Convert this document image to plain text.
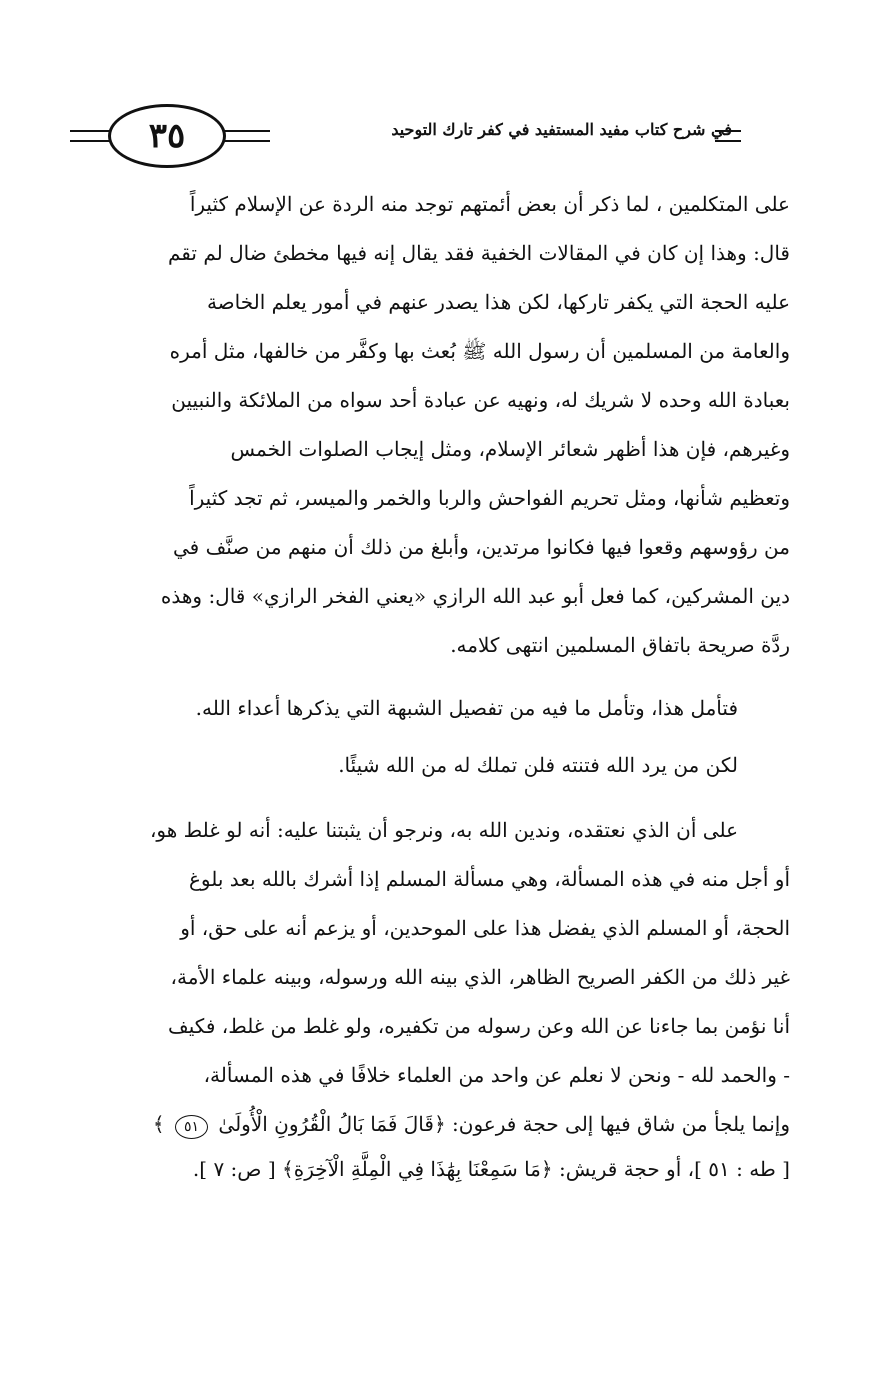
٣٥	في شرح كتاب مفيد المستفيد في كفر تارك التوحيد

على المتكلمين ، لما ذكر أن بعض أئمتهم توجد منه الردة عن الإسلام كثيراً
قال: وهذا إن كان في المقالات الخفية فقد يقال إنه فيها مخطئ ضال لم تقم
عليه الحجة التي يكفر تاركها، لكن هذا يصدر عنهم في أمور يعلم الخاصة
والعامة من المسلمين أن رسول الله ﷺ بُعث بها وكفَّر من خالفها، مثل أمره
بعبادة الله وحده لا شريك له، ونهيه عن عبادة أحد سواه من الملائكة والنبيين
وغيرهم، فإن هذا أظهر شعائر الإسلام، ومثل إيجاب الصلوات الخمس
وتعظيم شأنها، ومثل تحريم الفواحش والربا والخمر والميسر، ثم تجد كثيراً
من رؤوسهم وقعوا فيها فكانوا مرتدين، وأبلغ من ذلك أن منهم من صنَّف في
دين المشركين، كما فعل أبو عبد الله الرازي «يعني الفخر الرازي» قال: وهذه
ردَّة صريحة باتفاق المسلمين انتهى كلامه.

فتأمل هذا، وتأمل ما فيه من تفصيل الشبهة التي يذكرها أعداء الله.

لكن من يرد الله فتنته فلن تملك له من الله شيئًا.

على أن الذي نعتقده، وندين الله به، ونرجو أن يثبتنا عليه: أنه لو غلط هو،
أو أجل منه في هذه المسألة، وهي مسألة المسلم إذا أشرك بالله بعد بلوغ
الحجة، أو المسلم الذي يفضل هذا على الموحدين، أو يزعم أنه على حق، أو
غير ذلك من الكفر الصريح الظاهر، الذي بينه الله ورسوله، وبينه علماء الأمة،
أنا نؤمن بما جاءنا عن الله وعن رسوله من تكفيره، ولو غلط من غلط، فكيف
- والحمد لله - ونحن لا نعلم عن واحد من العلماء خلافًا في هذه المسألة،
وإنما يلجأ من شاق فيها إلى حجة فرعون: ﴿قَالَ فَمَا بَالُ الْقُرُونِ الْأُولَىٰ ٥١ ﴾
[ طه : ٥١ ]، أو حجة قريش: ﴿مَا سَمِعْنَا بِهَٰذَا فِي الْمِلَّةِ الْآخِرَةِ﴾ [ ص: ٧ ].
